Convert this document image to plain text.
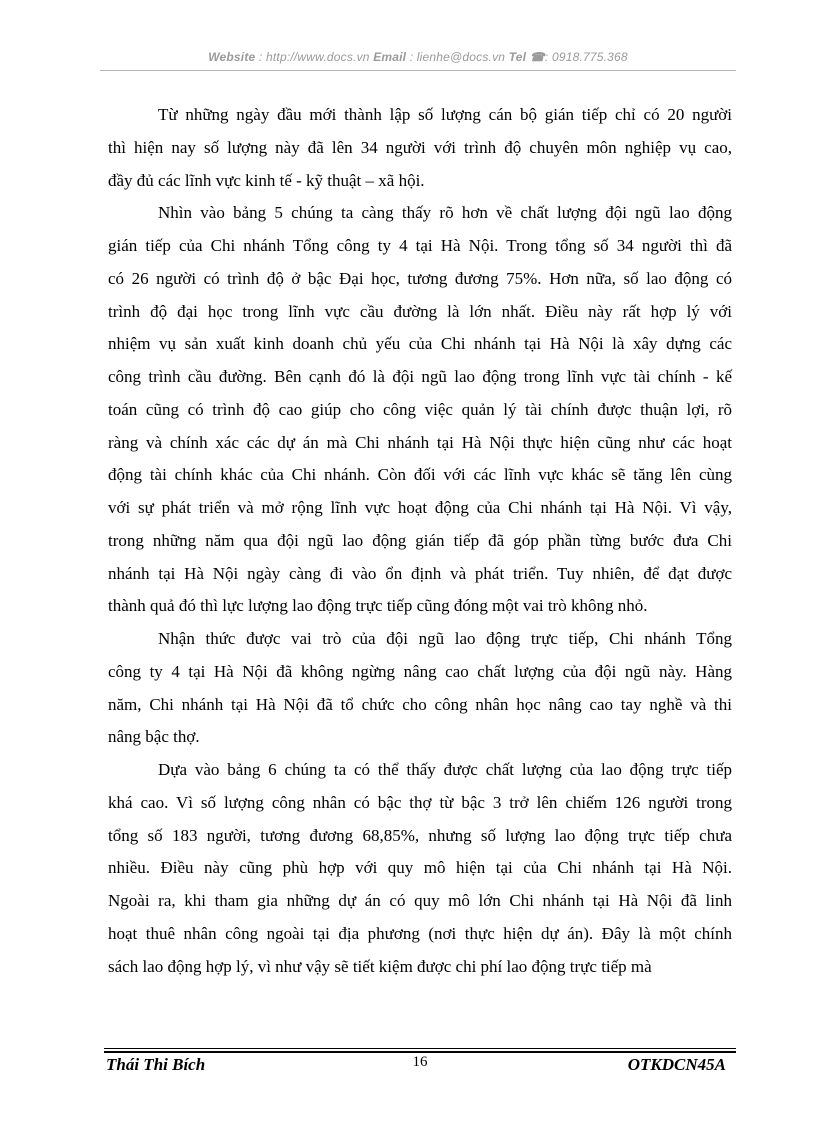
Website : http://www.docs.vn Email : lienhe@docs.vn Tel ☎: 0918.775.368
Từ những ngày đầu mới thành lập số lượng cán bộ gián tiếp chỉ có 20 người
thì hiện nay số lượng này đã lên 34 người với trình độ chuyên môn nghiệp vụ cao,
đầy đủ các lĩnh vực kinh tế - kỹ thuật – xã hội.
Nhìn vào bảng 5 chúng ta càng thấy rõ hơn về chất lượng đội ngũ lao động
gián tiếp của Chi nhánh Tổng công ty 4 tại Hà Nội. Trong tổng số 34 người thì đã
có 26 người có trình độ ở bậc Đại học, tương đương 75%. Hơn nữa, số lao động có
trình độ đại học trong lĩnh vực cầu đường là lớn nhất. Điều này rất hợp lý với
nhiệm vụ sản xuất kinh doanh chủ yếu của Chi nhánh tại Hà Nội là xây dựng các
công trình cầu đường. Bên cạnh đó là đội ngũ lao động trong lĩnh vực tài chính - kế
toán cũng có trình độ cao giúp cho công việc quản lý tài chính được thuận lợi, rõ
ràng và chính xác các dự án mà Chi nhánh tại Hà Nội thực hiện cũng như các hoạt
động tài chính khác của Chi nhánh. Còn đối với các lĩnh vực khác sẽ tăng lên cùng
với sự phát triển và mở rộng lĩnh vực hoạt động của Chi nhánh tại Hà Nội. Vì vậy,
trong những năm qua đội ngũ lao động gián tiếp đã góp phần từng bước đưa Chi
nhánh tại Hà Nội ngày càng đi vào ổn định và phát triển. Tuy nhiên, để đạt được
thành quả đó thì lực lượng lao động trực tiếp cũng đóng một vai trò không nhỏ.
Nhận thức được vai trò của đội ngũ lao động trực tiếp, Chi nhánh Tổng
công ty 4 tại Hà Nội đã không ngừng nâng cao chất lượng của đội ngũ này. Hàng
năm, Chi nhánh tại Hà Nội đã tổ chức cho công nhân học nâng cao tay nghề và thi
nâng bậc thợ.
Dựa vào bảng 6 chúng ta có thể thấy được chất lượng của lao động trực tiếp
khá cao. Vì số lượng công nhân có bậc thợ từ bậc 3 trở lên chiếm 126 người trong
tổng số 183 người, tương đương 68,85%, nhưng số lượng lao động trực tiếp chưa
nhiều. Điều này cũng phù hợp với quy mô hiện tại của Chi nhánh tại Hà Nội.
Ngoài ra, khi tham gia những dự án có quy mô lớn Chi nhánh tại Hà Nội đã linh
hoạt thuê nhân công ngoài tại địa phương (nơi thực hiện dự án). Đây là một chính
sách lao động hợp lý, vì như vậy sẽ tiết kiệm được chi phí lao động trực tiếp mà
Thái Thi Bích	16	OTKDCN45A
